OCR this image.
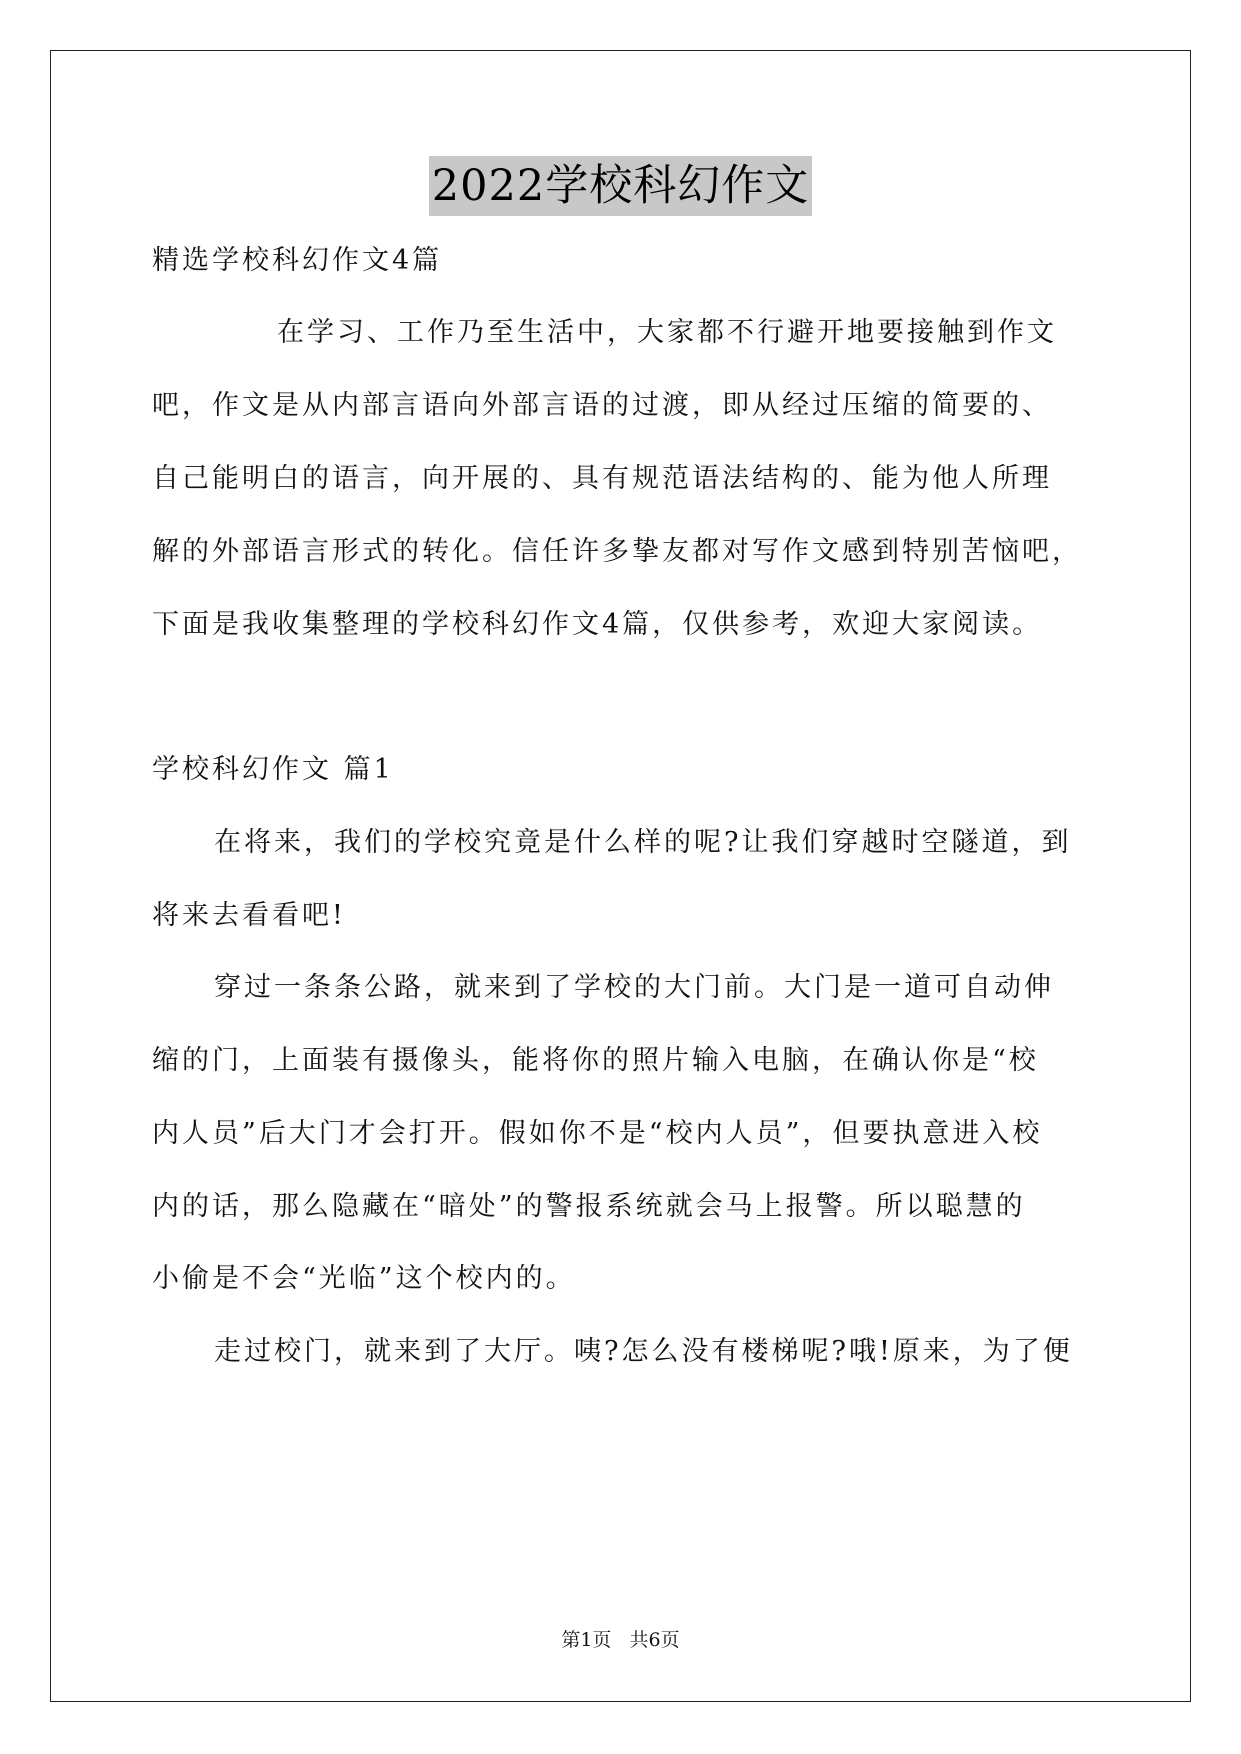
2022学校科幻作文
精选学校科幻作文4篇
在学习、工作乃至生活中，大家都不行避开地要接触到作文
吧，作文是从内部言语向外部言语的过渡，即从经过压缩的简要的、
自己能明白的语言，向开展的、具有规范语法结构的、能为他人所理
解的外部语言形式的转化。信任许多挚友都对写作文感到特别苦恼吧，
下面是我收集整理的学校科幻作文4篇，仅供参考，欢迎大家阅读。
学校科幻作文 篇1
在将来，我们的学校究竟是什么样的呢?让我们穿越时空隧道，到
将来去看看吧!
穿过一条条公路，就来到了学校的大门前。大门是一道可自动伸
缩的门，上面装有摄像头，能将你的照片输入电脑，在确认你是“校
内人员”后大门才会打开。假如你不是“校内人员”，但要执意进入校
内的话，那么隐藏在“暗处”的警报系统就会马上报警。所以聪慧的
小偷是不会“光临”这个校内的。
走过校门，就来到了大厅。咦?怎么没有楼梯呢?哦!原来，为了便
第1页   共6页
